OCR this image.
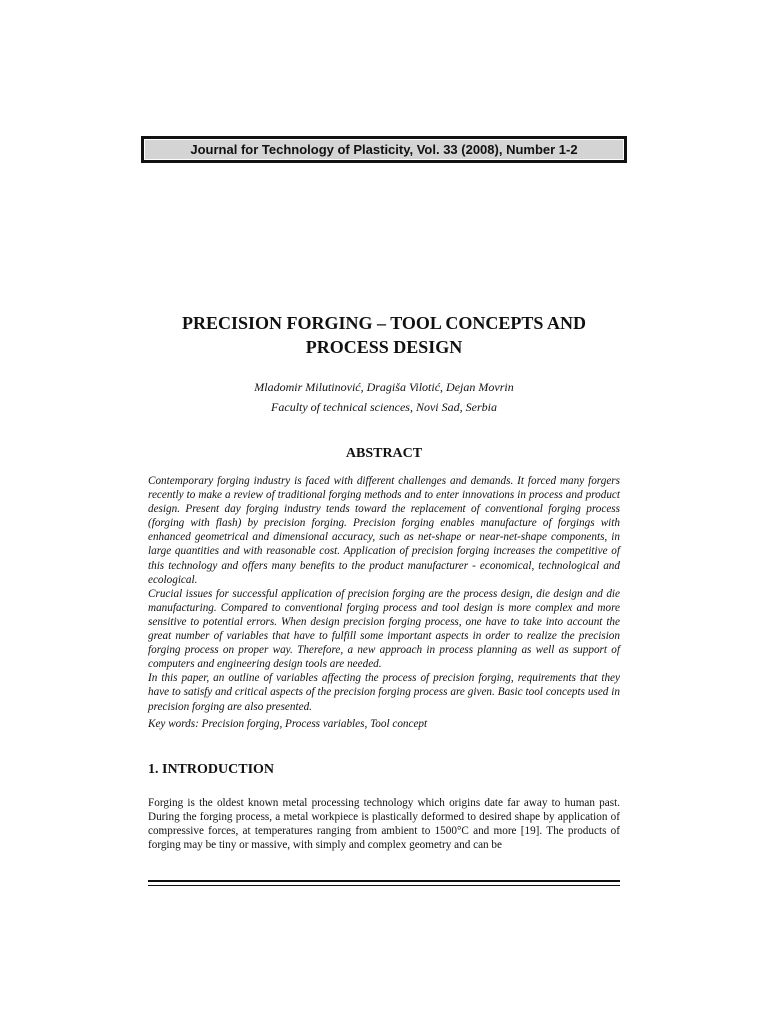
Journal for Technology of Plasticity, Vol. 33 (2008), Number 1-2
PRECISION FORGING – TOOL CONCEPTS AND
PROCESS DESIGN
Mladomir Milutinović, Dragiša Vilotić, Dejan Movrin
Faculty of technical sciences, Novi Sad, Serbia
ABSTRACT

Contemporary forging industry is faced with different challenges and demands. It forced many forgers recently to make a review of traditional forging methods and to enter innovations in process and product design. Present day forging industry tends toward the replacement of conventional forging process (forging with flash) by precision forging. Precision forging enables manufacture of forgings with enhanced geometrical and dimensional accuracy, such as net-shape or near-net-shape components, in large quantities and with reasonable cost. Application of precision forging increases the competitive of this technology and offers many benefits to the product manufacturer - economical, technological and ecological.

Crucial issues for successful application of precision forging are the process design, die design and die manufacturing. Compared to conventional forging process and tool design is more complex and more sensitive to potential errors. When design precision forging process, one have to take into account the great number of variables that have to fulfill some important aspects in order to realize the precision forging process on proper way. Therefore, a new approach in process planning as well as support of computers and engineering design tools are needed.

In this paper, an outline of variables affecting the process of precision forging, requirements that they have to satisfy and critical aspects of the precision forging process are given. Basic tool concepts used in precision forging are also presented.

Key words: Precision forging, Process variables, Tool concept
1. INTRODUCTION

Forging is the oldest known metal processing technology which origins date far away to human past. During the forging process, a metal workpiece is plastically deformed to desired shape by application of compressive forces, at temperatures ranging from ambient to 1500°C and more [19]. The products of forging may be tiny or massive, with simply and complex geometry and can be
